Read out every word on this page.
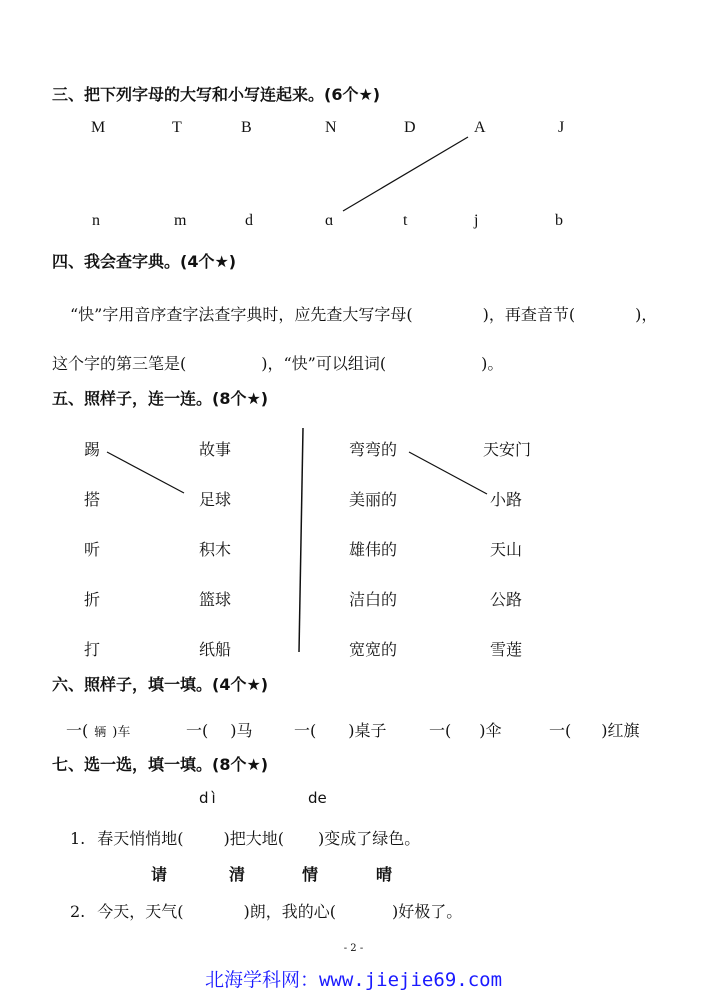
三、把下列字母的大写和小写连起来。(6个★)
M	T	B	N	D	A	J
n	m	d	ɑ	t	j	b
四、我会查字典。(4个★)
“快”字用音序查字法查字典时，应先查大写字母(	)，再查音节(	)，
这个字的第三笔是(	)，“快”可以组词(	)。
五、照样子，连一连。(8个★)
踢
搭
听
折
打
故事
足球
积木
篮球
纸船
弯弯的
美丽的
雄伟的
洁白的
宽宽的
天安门
小路
天山
公路
雪莲
六、照样子，填一填。(4个★)
一( 辆 )车	一( )马	一( )桌子	一( )伞	一( )红旗
七、选一选，填一填。(8个★)
dì	de
1. 春天悄悄地(	)把大地( )变成了绿色。
请	清	情	晴
2. 今天，天气(	)朗，我的心(	)好极了。
- 2 -
北海学科网：www.jiejie69.com
